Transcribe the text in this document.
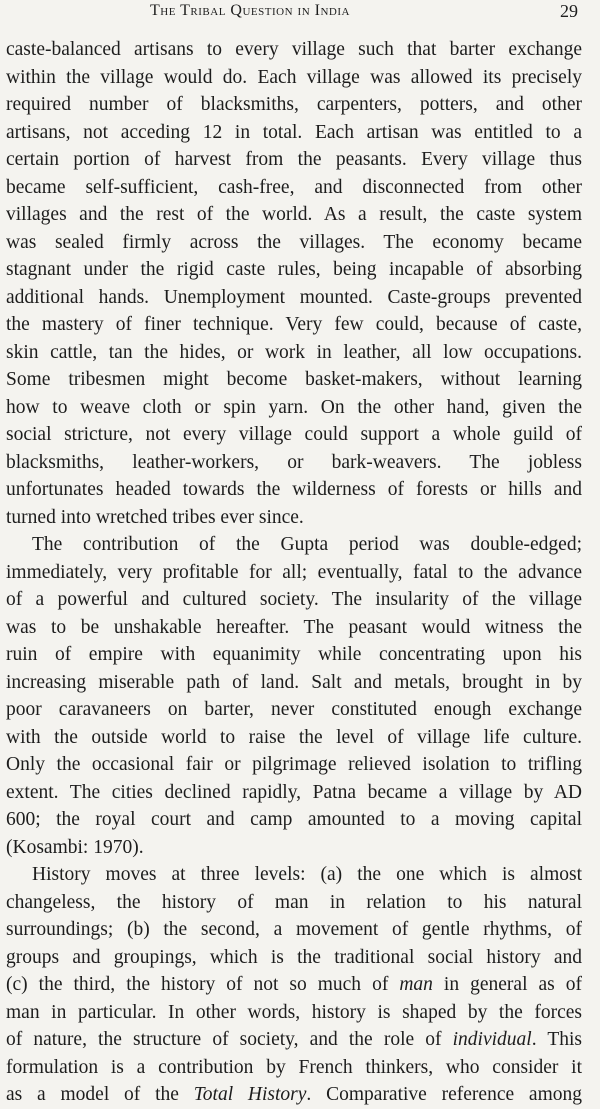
The Tribal Question in India	29
caste-balanced artisans to every village such that barter exchange
within the village would do. Each village was allowed its precisely
required number of blacksmiths, carpenters, potters, and other
artisans, not acceding 12 in total. Each artisan was entitled to a
certain portion of harvest from the peasants. Every village thus
became self-sufficient, cash-free, and disconnected from other
villages and the rest of the world. As a result, the caste system
was sealed firmly across the villages. The economy became
stagnant under the rigid caste rules, being incapable of absorbing
additional hands. Unemployment mounted. Caste-groups prevented
the mastery of finer technique. Very few could, because of caste,
skin cattle, tan the hides, or work in leather, all low occupations.
Some tribesmen might become basket-makers, without learning
how to weave cloth or spin yarn. On the other hand, given the
social stricture, not every village could support a whole guild of
blacksmiths, leather-workers, or bark-weavers. The jobless
unfortunates headed towards the wilderness of forests or hills and
turned into wretched tribes ever since.
The contribution of the Gupta period was double-edged;
immediately, very profitable for all; eventually, fatal to the advance
of a powerful and cultured society. The insularity of the village
was to be unshakable hereafter. The peasant would witness the
ruin of empire with equanimity while concentrating upon his
increasing miserable path of land. Salt and metals, brought in by
poor caravaneers on barter, never constituted enough exchange
with the outside world to raise the level of village life culture.
Only the occasional fair or pilgrimage relieved isolation to trifling
extent. The cities declined rapidly, Patna became a village by AD
600; the royal court and camp amounted to a moving capital
(Kosambi: 1970).
History moves at three levels: (a) the one which is almost
changeless, the history of man in relation to his natural
surroundings; (b) the second, a movement of gentle rhythms, of
groups and groupings, which is the traditional social history and
(c) the third, the history of not so much of man in general as of
man in particular. In other words, history is shaped by the forces
of nature, the structure of society, and the role of individual. This
formulation is a contribution by French thinkers, who consider it
as a model of the Total History. Comparative reference among
